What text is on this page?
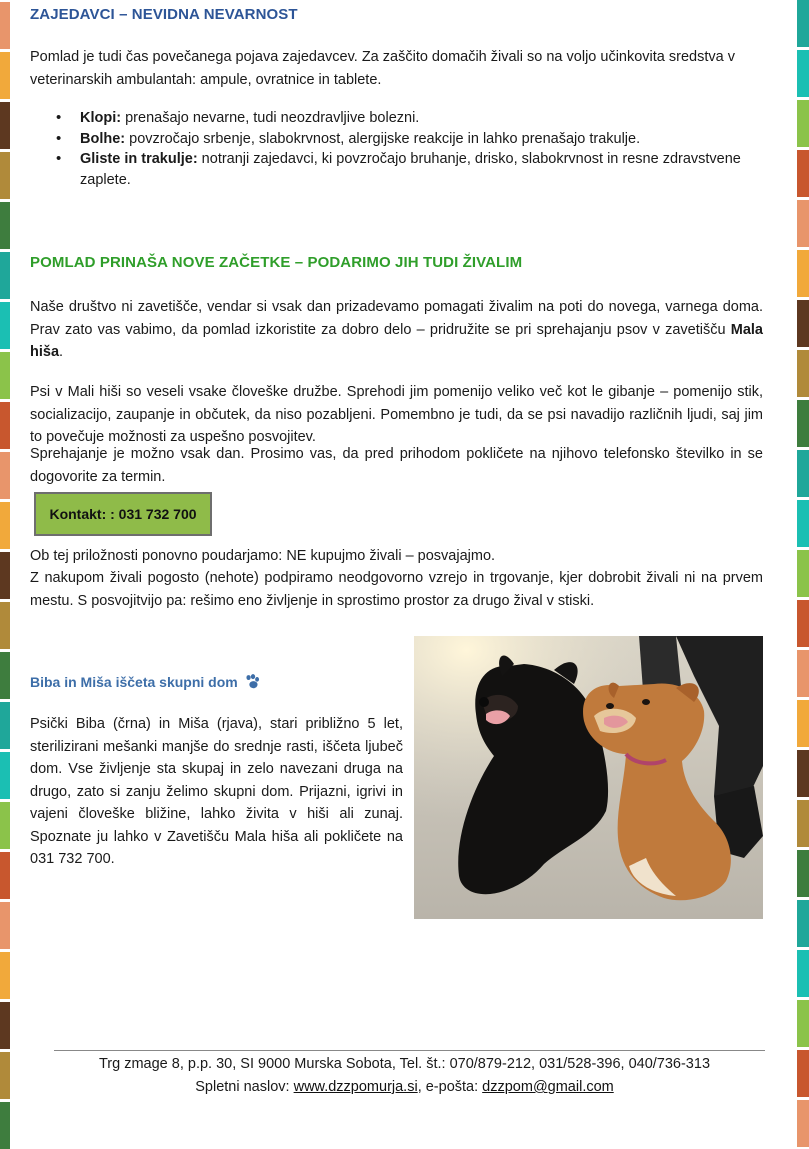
ZAJEDAVCI – NEVIDNA NEVARNOST

Pomlad je tudi čas povečanega pojava zajedavcev. Za zaščito domačih živali so na voljo učinkovita sredstva v veterinarskih ambulantah: ampule, ovratnice in tablete.

• Klopi: prenašajo nevarne, tudi neozdravljive bolezni.
• Bolhe: povzročajo srbenje, slabokrvnost, alergijske reakcije in lahko prenašajo trakulje.
• Gliste in trakulje: notranji zajedavci, ki povzročajo bruhanje, drisko, slabokrvnost in resne zdravstvene zaplete.
POMLAD PRINAŠA NOVE ZAČETKE – PODARIMO JIH TUDI ŽIVALIM

Naše društvo ni zavetišče, vendar si vsak dan prizadevamo pomagati živalim na poti do novega, varnega doma. Prav zato vas vabimo, da pomlad izkoristite za dobro delo – pridružite se pri sprehajanju psov v zavetišču Mala hiša.

Psi v Mali hiši so veseli vsake človeške družbe. Sprehodi jim pomenijo veliko več kot le gibanje – pomenijo stik, socializacijo, zaupanje in občutek, da niso pozabljeni. Pomembno je tudi, da se psi navadijo različnih ljudi, saj jim to povečuje možnosti za uspešno posvojitev.

Sprehajanje je možno vsak dan. Prosimo vas, da pred prihodom pokličete na njihovo telefonsko številko in se dogovorite za termin.

Kontakt: : 031 732 700

Ob tej priložnosti ponovno poudarjamo: NE kupujmo živali – posvajajmo.

Z nakupom živali pogosto (nehote) podpiramo neodgovorno vzrejo in trgovanje, kjer dobrobit živali ni na prvem mestu. S posvojitvijo pa: rešimo eno življenje in sprostimo prostor za drugo žival v stiski.

Biba in Miša iščeta skupni dom

Psički Biba (črna) in Miša (rjava), stari približno 5 let, sterilizirani mešanki manjše do srednje rasti, iščeta ljubeč dom. Vse življenje sta skupaj in zelo navezani druga na drugo, zato si zanju želimo skupni dom. Prijazni, igrivi in vajeni človeške bližine, lahko živita v hiši ali zunaj. Spoznate ju lahko v Zavetišču Mala hiša ali pokličete na 031 732 700.

Trg zmage 8, p.p. 30, SI 9000 Murska Sobota, Tel. št.: 070/879-212, 031/528-396, 040/736-313
Spletni naslov: www.dzzpomurja.si, e-pošta: dzzpom@gmail.com
